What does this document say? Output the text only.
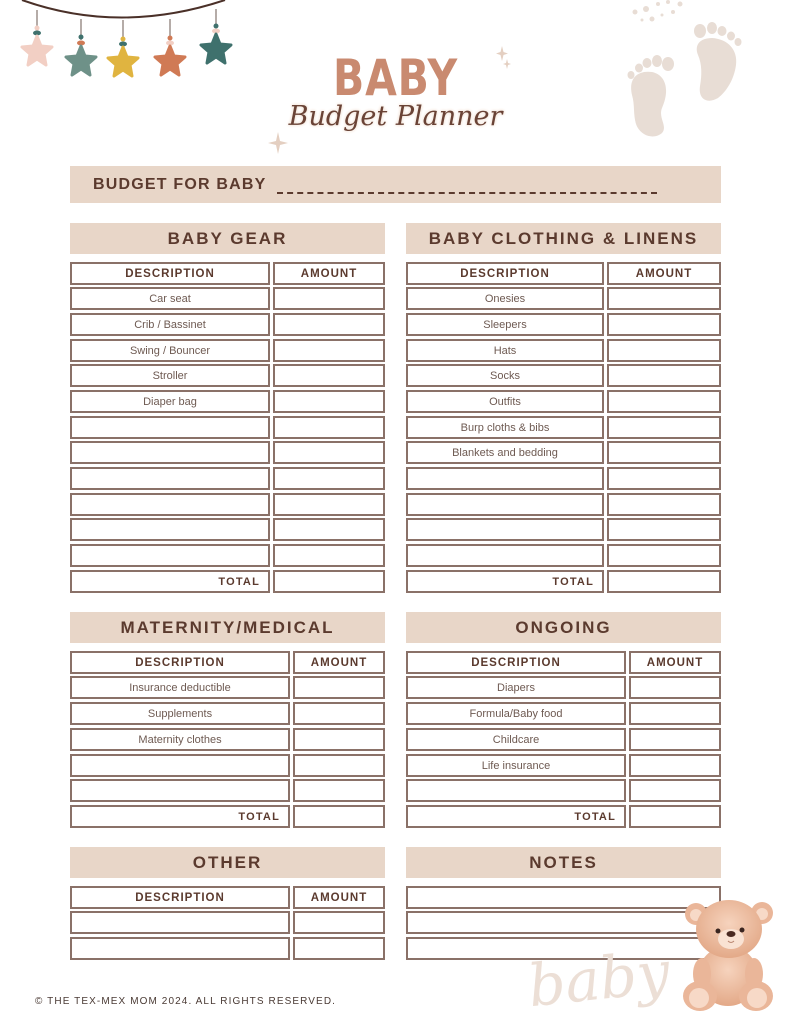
BABY
Budget Planner
BUDGET FOR BABY
BABY GEAR
DESCRIPTION	AMOUNT
Car seat
Crib / Bassinet
Swing / Bouncer
Stroller
Diaper bag
TOTAL
BABY CLOTHING & LINENS
DESCRIPTION	AMOUNT
Onesies
Sleepers
Hats
Socks
Outfits
Burp cloths & bibs
Blankets and bedding
TOTAL
MATERNITY/MEDICAL
DESCRIPTION	AMOUNT
Insurance deductible
Supplements
Maternity clothes
TOTAL
ONGOING
DESCRIPTION	AMOUNT
Diapers
Formula/Baby food
Childcare
Life insurance
TOTAL
OTHER
DESCRIPTION	AMOUNT
NOTES
baby
© THE TEX-MEX MOM 2024. ALL RIGHTS RESERVED.
